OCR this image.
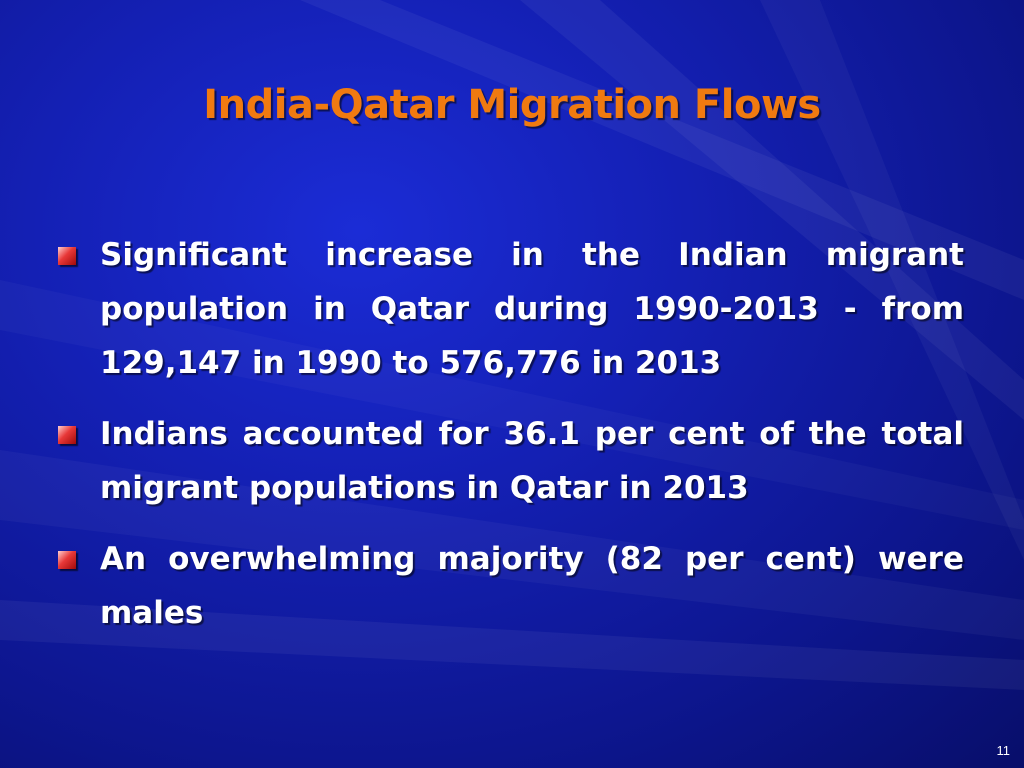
India-Qatar Migration Flows
Significant increase in the Indian migrant population in Qatar during 1990-2013 - from 129,147 in 1990 to 576,776 in 2013
Indians accounted for 36.1 per cent of the total migrant populations in Qatar in 2013
An overwhelming majority (82 per cent) were males
11
